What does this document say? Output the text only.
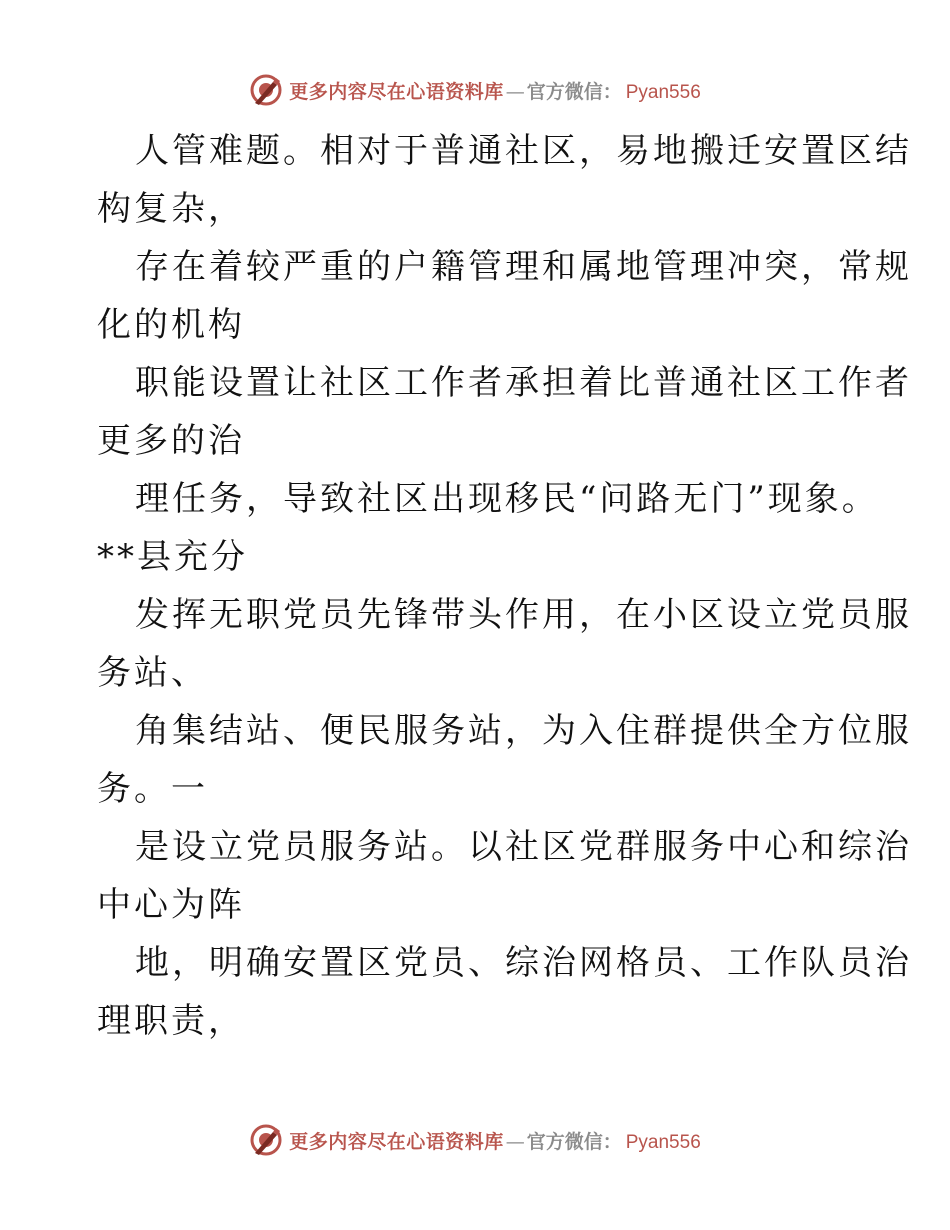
更多内容尽在心语资料库 — 官方微信： Pyan556
人管难题。相对于普通社区，易地搬迁安置区结
构复杂，
存在着较严重的户籍管理和属地管理冲突，常规
化的机构
职能设置让社区工作者承担着比普通社区工作者
更多的治
理任务，导致社区出现移民“问路无门”现象。
**县充分
发挥无职党员先锋带头作用，在小区设立党员服
务站、
角集结站、便民服务站，为入住群提供全方位服
务。一
是设立党员服务站。以社区党群服务中心和综治
中心为阵
地，明确安置区党员、综治网格员、工作队员治
理职责，
更多内容尽在心语资料库 — 官方微信： Pyan556
